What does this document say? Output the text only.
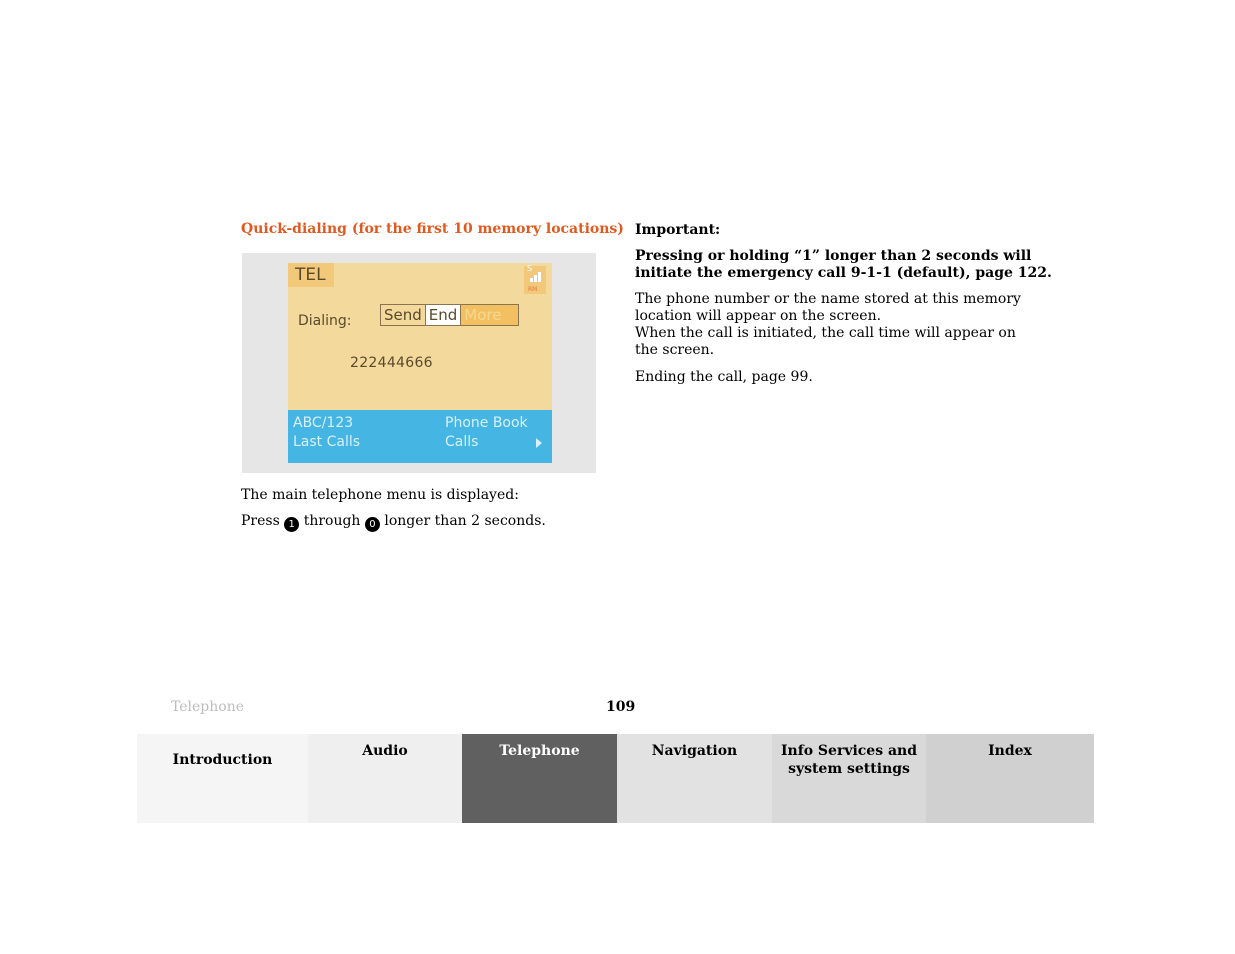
Quick-dialing (for the first 10 memory locations)
TEL	S
RM
Dialing: Send End More
222444666
ABC/123
Last Calls
Phone Book
Calls
The main telephone menu is displayed:
Press 1 through 0 longer than 2 seconds.
Important:
Pressing or holding “1” longer than 2 seconds will
initiate the emergency call 9-1-1 (default), page 122.
The phone number or the name stored at this memory
location will appear on the screen.
When the call is initiated, the call time will appear on
the screen.
Ending the call, page 99.
Telephone	109
Introduction
Audio	Telephone	Navigation	Info Services and
system settings
Index
